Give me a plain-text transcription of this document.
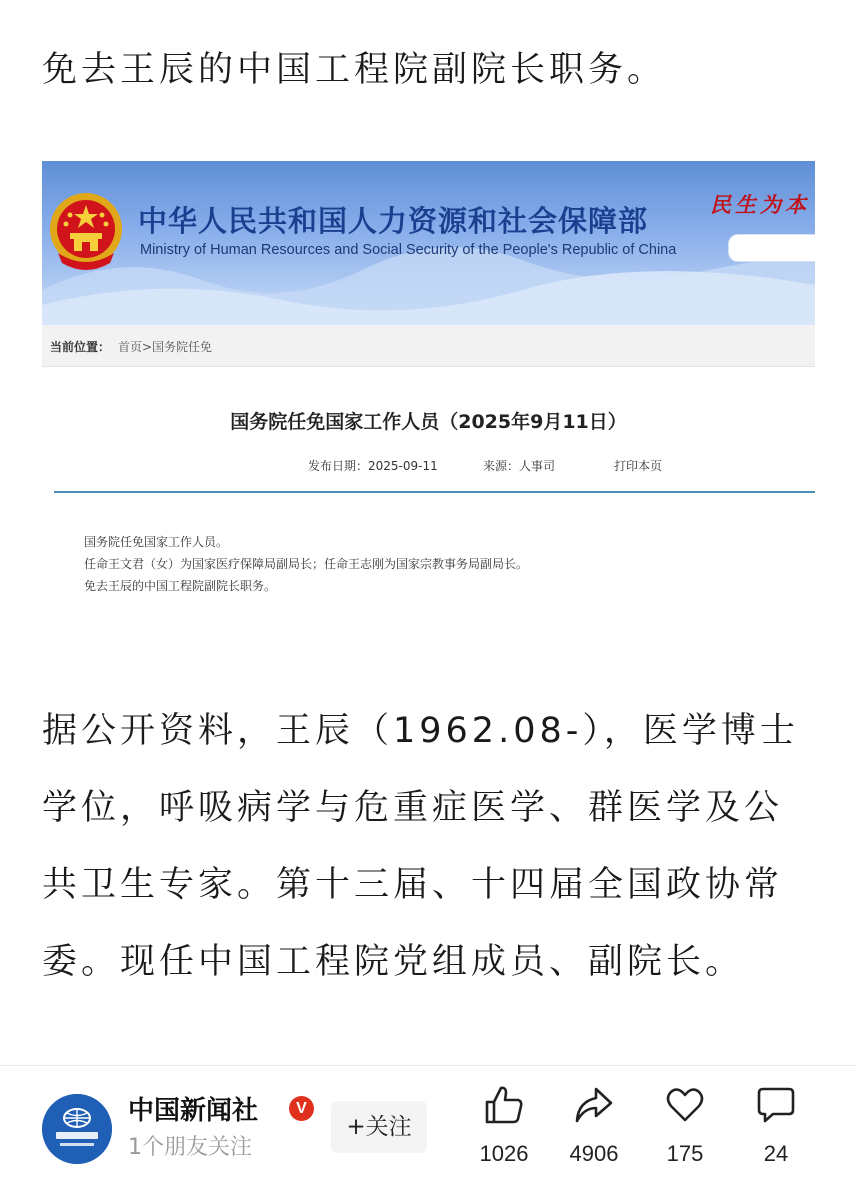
免去王辰的中国工程院副院长职务。
中华人民共和国人力资源和社会保障部
Ministry of Human Resources and Social Security of the People's Republic of China
民生为本
当前位置： 首页>国务院任免
国务院任免国家工作人员（2025年9月11日）
发布日期：2025-09-11	来源：人事司	打印本页
国务院任免国家工作人员。
任命王文君（女）为国家医疗保障局副局长；任命王志刚为国家宗教事务局副局长。
免去王辰的中国工程院副院长职务。
据公开资料，王辰（1962.08-），医学博士学位，呼吸病学与危重症医学、群医学及公共卫生专家。第十三届、十四届全国政协常委。现任中国工程院党组成员、副院长。
中国新闻社	V
1个朋友关注
+关注
1026	4906	175	24
